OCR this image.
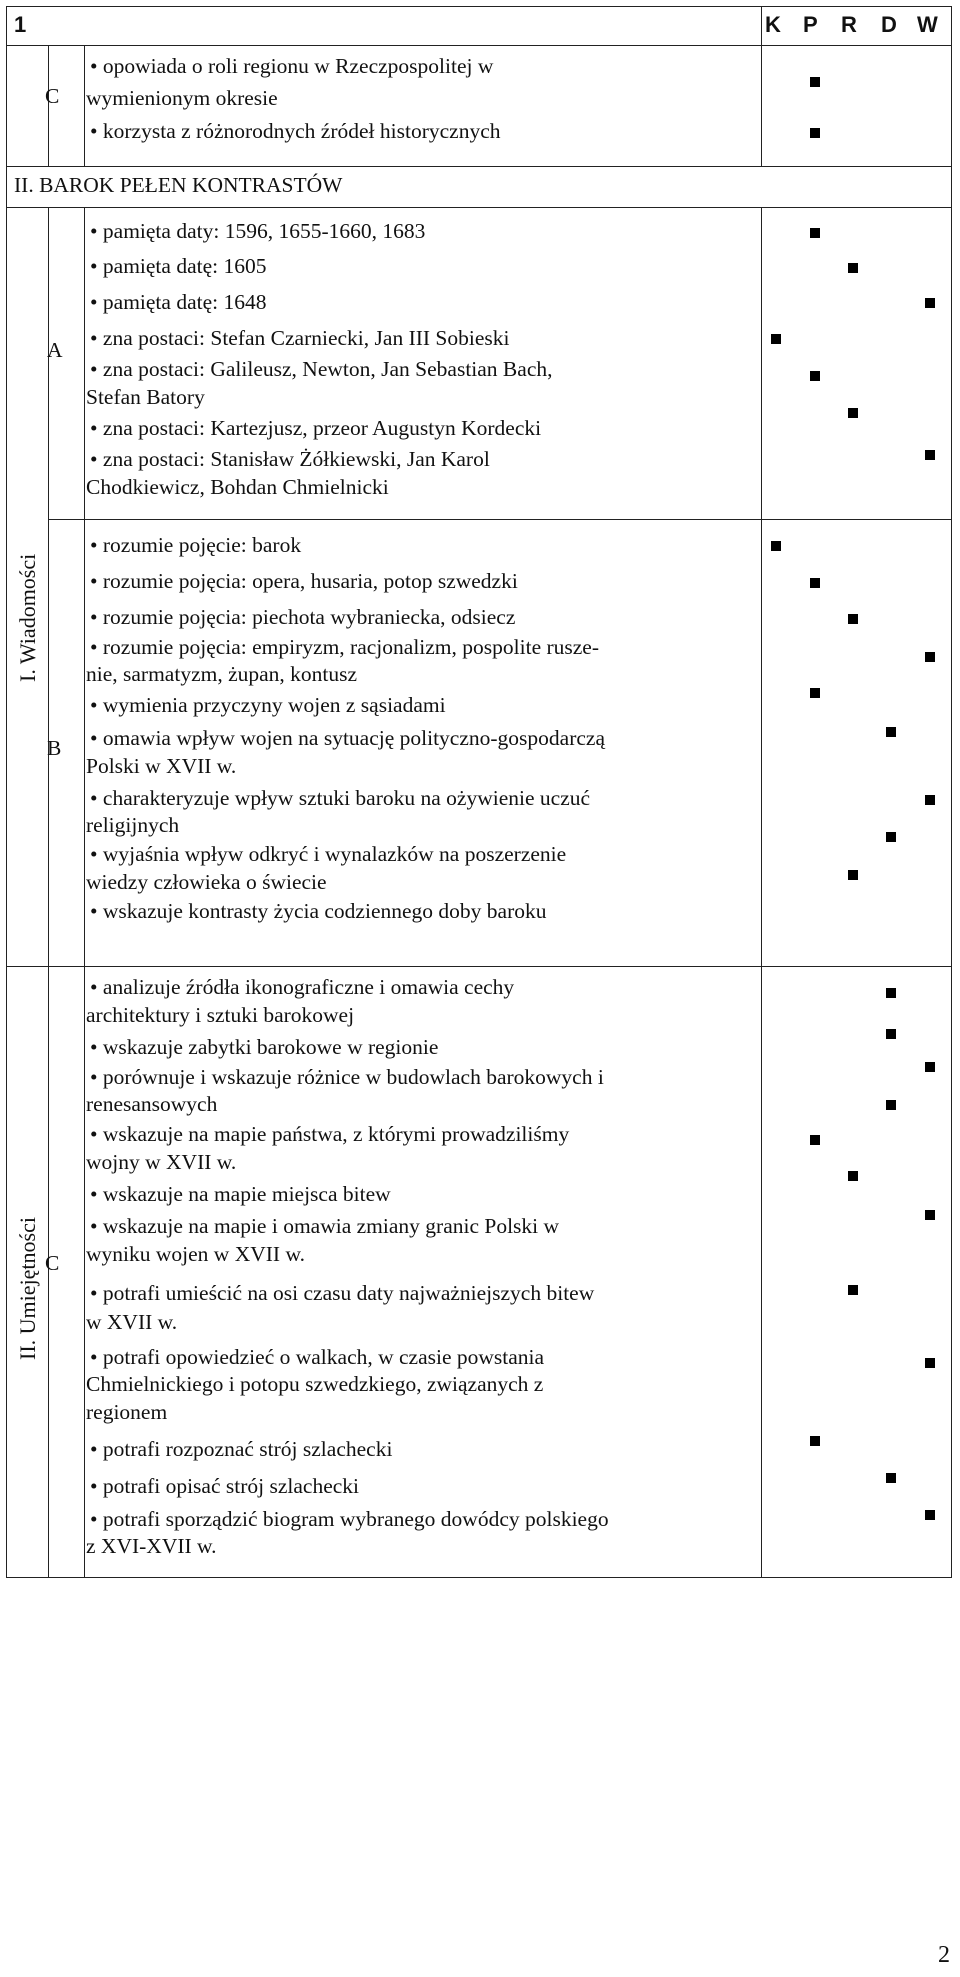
1	K P R D W
C
• opowiada o roli regionu w Rzeczpospolitej w
wymienionym okresie
• korzysta z różnorodnych źródeł historycznych
II. BAROK PEŁEN KONTRASTÓW
A
• pamięta daty: 1596, 1655-1660, 1683
• pamięta datę: 1605
• pamięta datę: 1648
• zna postaci: Stefan Czarniecki, Jan III Sobieski
• zna postaci: Galileusz, Newton, Jan Sebastian Bach,
Stefan Batory
• zna postaci: Kartezjusz, przeor Augustyn Kordecki
• zna postaci: Stanisław Żółkiewski, Jan Karol
Chodkiewicz, Bohdan Chmielnicki
B
• rozumie pojęcie: barok
• rozumie pojęcia: opera, husaria, potop szwedzki
• rozumie pojęcia: piechota wybraniecka, odsiecz
• rozumie pojęcia: empiryzm, racjonalizm, pospolite rusze-
nie, sarmatyzm, żupan, kontusz
• wymienia przyczyny wojen z sąsiadami
• omawia wpływ wojen na sytuację polityczno-gospodarczą
Polski w XVII w.
• charakteryzuje wpływ sztuki baroku na ożywienie uczuć
religijnych
• wyjaśnia wpływ odkryć i wynalazków na poszerzenie
wiedzy człowieka o świecie
• wskazuje kontrasty życia codziennego doby baroku
C
• analizuje źródła ikonograficzne i omawia cechy
architektury i sztuki barokowej
• wskazuje zabytki barokowe w regionie
• porównuje i wskazuje różnice w budowlach barokowych i
renesansowych
• wskazuje na mapie państwa, z którymi prowadziliśmy
wojny w XVII w.
• wskazuje na mapie miejsca bitew
• wskazuje na mapie i omawia zmiany granic Polski w
wyniku wojen w XVII w.
• potrafi umieścić na osi czasu daty najważniejszych bitew
w XVII w.
• potrafi opowiedzieć o walkach, w czasie powstania
Chmielnickiego i potopu szwedzkiego, związanych z
regionem
• potrafi rozpoznać strój szlachecki
• potrafi opisać strój szlachecki
• potrafi sporządzić biogram wybranego dowódcy polskiego
z XVI-XVII w.
I. Wiadomości
II. Umiejętności
2
